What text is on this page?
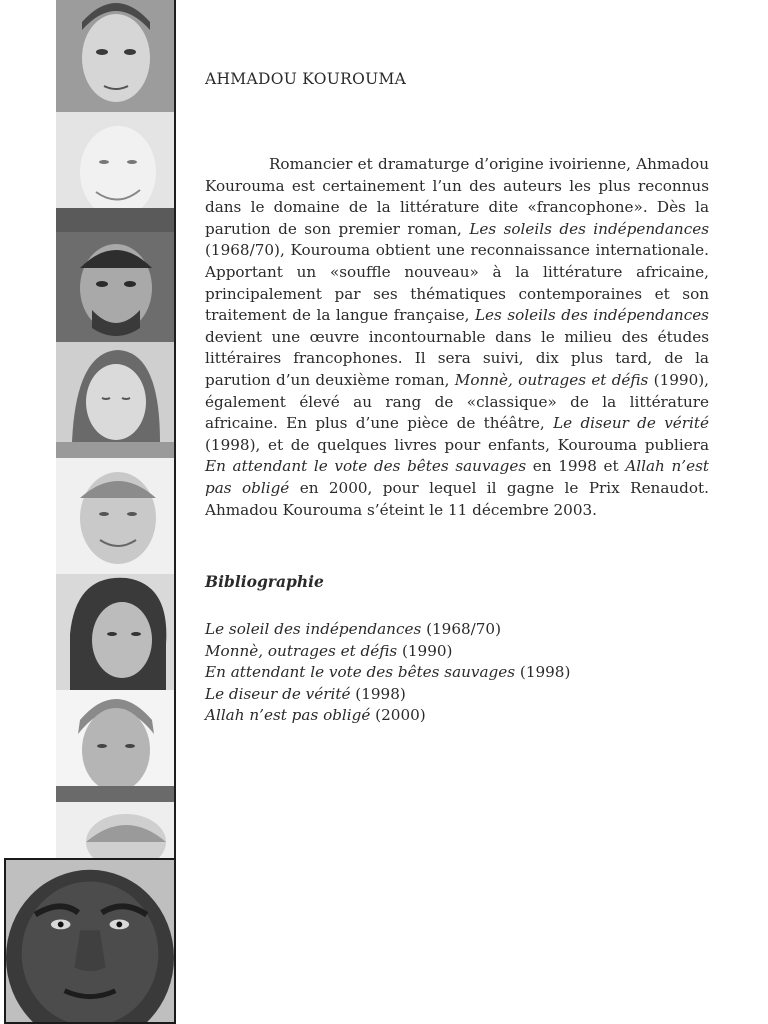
AHMADOU KOUROUMA

Romancier et dramaturge d’origine ivoirienne, Ahmadou Kourouma est certainement l’un des auteurs les plus reconnus dans le domaine de la littérature dite «francophone». Dès la parution de son premier roman, Les soleils des indépendances (1968/70), Kourouma obtient une reconnaissance internationale. Apportant un «souffle nouveau» à la littérature africaine, principalement par ses thématiques contemporaines et son traitement de la langue française, Les soleils des indépendances devient une œuvre incontournable dans le milieu des études littéraires francophones. Il sera suivi, dix plus tard, de la parution d’un deuxième roman, Monnè, outrages et défis (1990), également élevé au rang de «classique» de la littérature africaine. En plus d’une pièce de théâtre, Le diseur de vérité (1998), et de quelques livres pour enfants, Kourouma publiera En attendant le vote des bêtes sauvages en 1998 et Allah n’est pas obligé en 2000, pour lequel il gagne le Prix Renaudot. Ahmadou Kourouma s’éteint le 11 décembre 2003.

Bibliographie
Le soleil des indépendances (1968/70)
Monnè, outrages et défis (1990)
En attendant le vote des bêtes sauvages (1998)
Le diseur de vérité (1998)
Allah n’est pas obligé (2000)
